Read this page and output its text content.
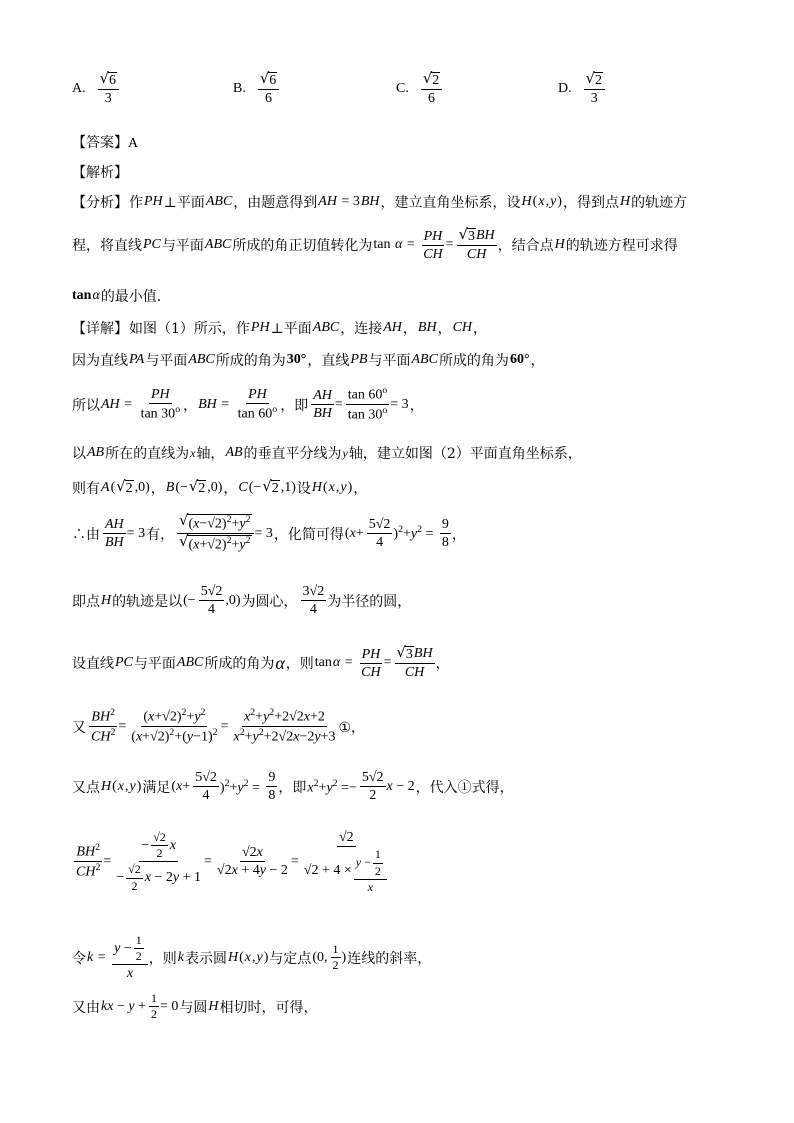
A. $\frac{√ 6}{3}$	B. $\frac{√ 6}{6}$	C. $\frac{√ 2}{6}$	D. $\frac{√ 2}{3}$
【答案】A
【解析】
【分析】 作 PH ⊥平面 ABC ，由题意得到 AH = 3 BH ，建立直角坐标系，设 H ( x , y ) ，得到点 H 的轨迹方
程，将直线 PC 与平面 ABC 所成的角正切值转化为 $\tan \alpha = \frac{PH}{CH} = \frac{√ 3 BH}{CH}$ ，结合点 H 的轨迹方程可求得
tan α 的最小值.
【详解】 如图（1）所示，作 PH ⊥平面 ABC ，连接 AH ， BH ， CH ，
因为直线 PA 与平面 ABC 所成的角为 30° ，直线 PB 与平面 ABC 所成的角为 60° ，
所以 AH = $\frac{PH}{\tan 30^o}$ ， BH = $\frac{PH}{\tan 60^o}$ ，即 $\frac{AH}{BH} = \frac{\tan 60^o}{\tan 30^o} = 3$ ，
以 AB 所在的直线为 x 轴， AB 的垂直平分线为 y 轴，建立如图（2）平面直角坐标系，
则有 A ( √ 2 ,0) ， B (− √ 2 ,0) ， C (− √ 2 ,1) 设 H ( x , y ) ，
∴由 $\frac{AH}{BH} = 3$ 有， $\frac{√ (x-√2)^2+y^2}{√ (x+√2)^2+y^2} = 3$ ，化简可得 $(x+ \frac{5√2}{4} )^2+y^2 = \frac{9}{8}$ ，
即点 H 的轨迹是以 (− $\frac{5√2}{4} ,0$) 为圆心， $\frac{3√2}{4}$ 为半径的圆，
设直线 PC 与平面 ABC 所成的角为 α ，则 $\tan \alpha = \frac{PH}{CH} = \frac{√ 3 BH}{CH}$ ，
又 $\frac{BH^2}{CH^2} = \frac{(x+√2)^2+y^2}{(x+√2)^2+(y-1)^2} = \frac{x^2+y^2+2√2x+2}{x^2+y^2+2√2x-2y+3}$ ①，
又点 H ( x , y ) 满足 $(x+ \frac{5√2}{4} )^2+y^2 = \frac{9}{8}$ ，即 $x^2+y^2 =- \frac{5√2}{2}$ x − 2 ，代入①式得，
$\frac{BH^2}{CH^2} = \frac{- \frac{√2}{2} x}{- \frac{√2}{2} x - 2 y + 1} = \frac{√2x}{√2x + 4y - 2} = \frac{√2}{√2 + 4 \times \frac{y - \frac{1}{2}}{x}}$
令 $k = \frac{y - \frac{1}{2}}{x}$ ，则 k 表示圆 H ( x , y ) 与定点 (0, $\frac{1}{2}$ ) 连线的斜率，
又由 kx − $y + \frac{1}{2} = 0$ 与圆 H 相切时，可得，
